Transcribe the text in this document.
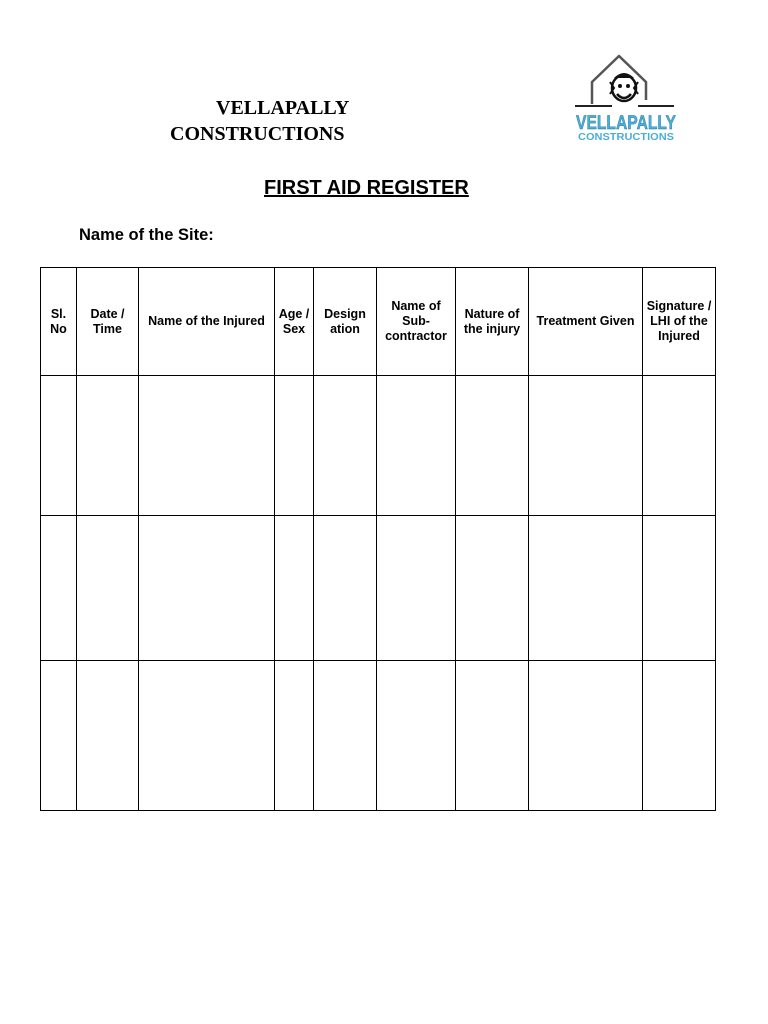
VELLAPALLY
CONSTRUCTIONS	VELLAPALLY
CONSTRUCTIONS
FIRST AID REGISTER
Name of the Site:
Sl. No	Date / Time	Name of the Injured	Age / Sex	Design ation	Name of Sub- contractor	Nature of the injury	Treatment Given	Signature / LHI of the Injured
